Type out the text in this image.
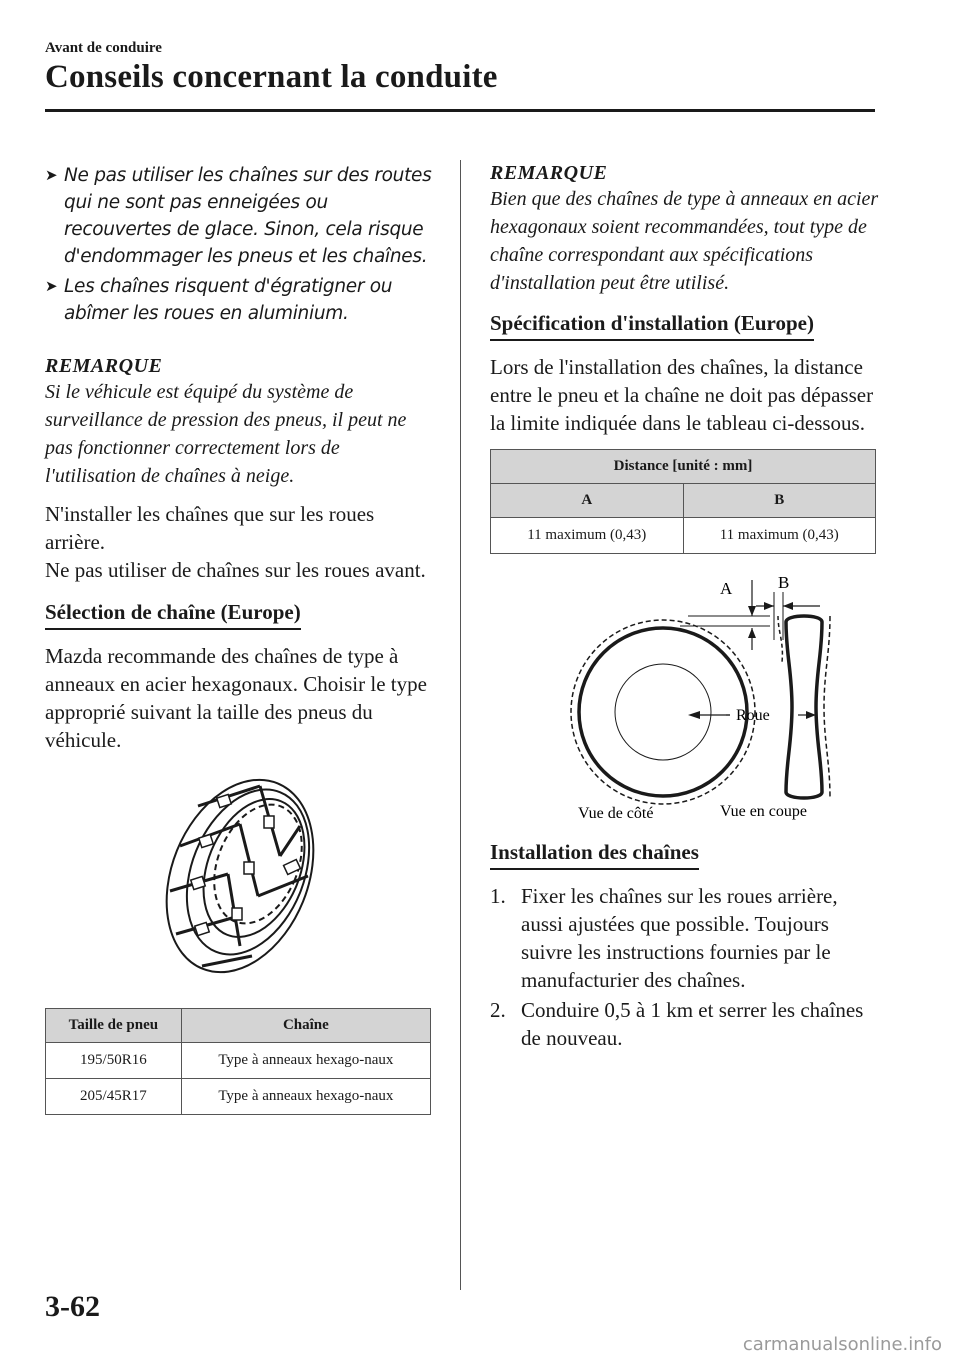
Avant de conduire

Conseils concernant la conduite
➤ Ne pas utiliser les chaînes sur des routes qui ne sont pas enneigées ou recouvertes de glace. Sinon, cela risque d'endommager les pneus et les chaînes.
➤ Les chaînes risquent d'égratigner ou abîmer les roues en aluminium.

REMARQUE

Si le véhicule est équipé du système de surveillance de pression des pneus, il peut ne pas fonctionner correctement lors de l'utilisation de chaînes à neige.

N'installer les chaînes que sur les roues arrière.

Ne pas utiliser de chaînes sur les roues avant.

Sélection de chaîne (Europe)

Mazda recommande des chaînes de type à anneaux en acier hexagonaux. Choisir le type approprié suivant la taille des pneus du véhicule.

Taille de pneu	Chaîne
195/50R16	Type à anneaux hexago-naux
205/45R17	Type à anneaux hexago-naux

REMARQUE

Bien que des chaînes de type à anneaux en acier hexagonaux soient recommandées, tout type de chaîne correspondant aux spécifications d'installation peut être utilisé.

Spécification d'installation (Europe)

Lors de l'installation des chaînes, la distance entre le pneu et la chaîne ne doit pas dépasser la limite indiquée dans le tableau ci-dessous.

Distance [unité : mm]	
A	B
11 maximum (0,43)	11 maximum (0,43)
A	B
Roue
Vue de côté	Vue en coupe
Installation des chaînes
1. Fixer les chaînes sur les roues arrière, aussi ajustées que possible. Toujours suivre les instructions fournies par le manufacturier des chaînes.
2. Conduire 0,5 à 1 km et serrer les chaînes de nouveau.

3-62

carmanualsonline.info
